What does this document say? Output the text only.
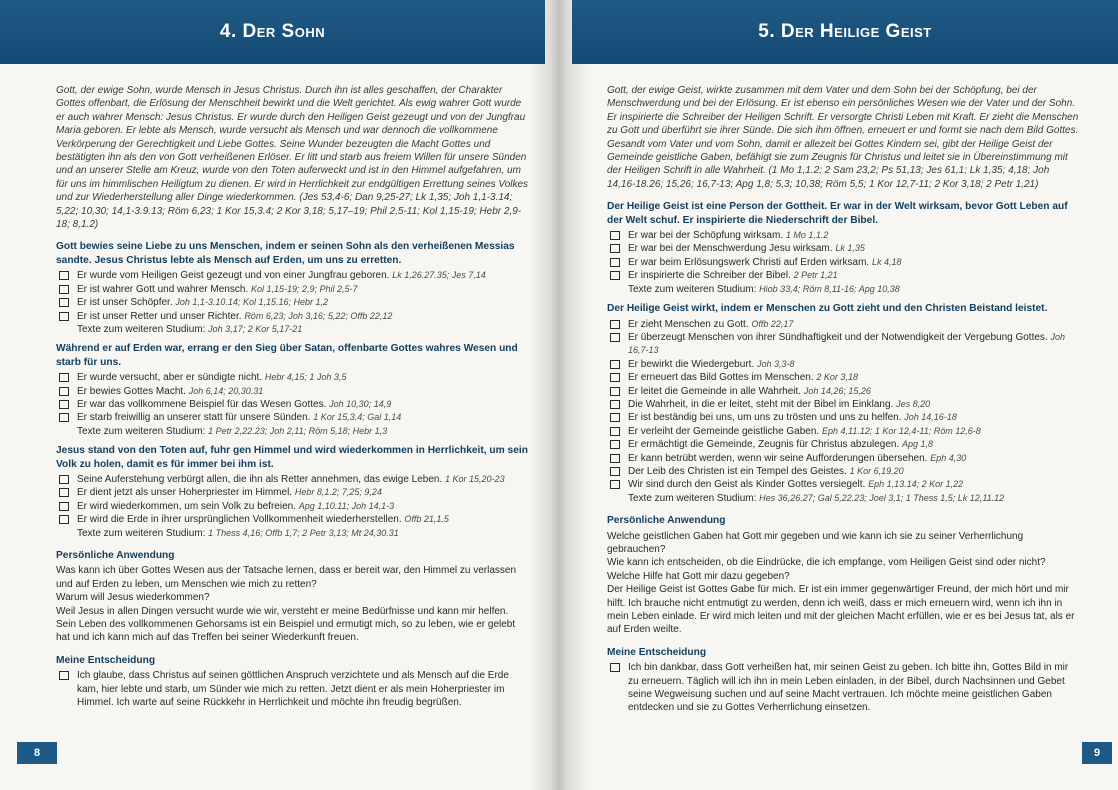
4. Der Sohn	5. Der Heilige Geist

Gott, der ewige Sohn, wurde Mensch in Jesus Christus. Durch ihn ist alles geschaffen, der Charakter Gottes offenbart, die Erlösung der Menschheit bewirkt und die Welt gerichtet. Als ewig wahrer Gott wurde er auch wahrer Mensch: Jesus Christus. Er wurde durch den Heiligen Geist gezeugt und von der Jungfrau Maria geboren. Er lebte als Mensch, wurde versucht als Mensch und war dennoch die vollkommene Verkörperung der Gerechtigkeit und Liebe Gottes. Seine Wunder bezeugten die Macht Gottes und bestätigten ihn als den von Gott verheißenen Erlöser. Er litt und starb aus freiem Willen für unsere Sünden und an unserer Stelle am Kreuz, wurde von den Toten auferweckt und ist in den Himmel aufgefahren, um für uns im himmlischen Heiligtum zu dienen. Er wird in Herrlichkeit zur endgültigen Errettung seines Volkes und zur Wiederherstellung aller Dinge wiederkommen. (Jes 53,4-6; Dan 9,25-27; Lk 1,35; Joh 1,1-3.14; 5,22; 10,30; 14,1-3.9.13; Röm 6,23; 1 Kor 15,3.4; 2 Kor 3,18; 5,17–19; Phil 2,5-11; Kol 1,15-19; Hebr 2,9-18; 8,1.2)

Gott bewies seine Liebe zu uns Menschen, indem er seinen Sohn als den verheißenen Messias sandte. Jesus Christus lebte als Mensch auf Erden, um uns zu erretten.

Er wurde vom Heiligen Geist gezeugt und von einer Jungfrau geboren. Lk 1,26.27.35; Jes 7,14
Er ist wahrer Gott und wahrer Mensch. Kol 1,15-19; 2,9; Phil 2,5-7
Er ist unser Schöpfer. Joh 1,1-3.10.14; Kol 1,15.16; Hebr 1,2
Er ist unser Retter und unser Richter. Röm 6,23; Joh 3,16; 5,22; Offb 22,12
Texte zum weiteren Studium: Joh 3,17; 2 Kor 5,17-21

Während er auf Erden war, errang er den Sieg über Satan, offenbarte Gottes wahres Wesen und starb für uns.

Er wurde versucht, aber er sündigte nicht. Hebr 4,15; 1 Joh 3,5
Er bewies Gottes Macht. Joh 6,14; 20,30.31
Er war das vollkommene Beispiel für das Wesen Gottes. Joh 10,30; 14,9
Er starb freiwillig an unserer statt für unsere Sünden. 1 Kor 15,3.4; Gal 1,14
Texte zum weiteren Studium: 1 Petr 2,22.23; Joh 2,11; Röm 5,18; Hebr 1,3

Jesus stand von den Toten auf, fuhr gen Himmel und wird wiederkommen in Herrlichkeit, um sein Volk zu holen, damit es für immer bei ihm ist.

Seine Auferstehung verbürgt allen, die ihn als Retter annehmen, das ewige Leben. 1 Kor 15,20-23
Er dient jetzt als unser Hoherpriester im Himmel. Hebr 8,1.2; 7,25; 9,24
Er wird wiederkommen, um sein Volk zu befreien. Apg 1,10.11; Joh 14,1-3
Er wird die Erde in ihrer ursprünglichen Vollkommenheit wiederherstellen. Offb 21,1.5
Texte zum weiteren Studium: 1 Thess 4,16; Offb 1,7; 2 Petr 3,13; Mt 24,30.31

Persönliche Anwendung

Was kann ich über Gottes Wesen aus der Tatsache lernen, dass er bereit war, den Himmel zu verlassen und auf Erden zu leben, um Menschen wie mich zu retten?

Warum will Jesus wiederkommen?

Weil Jesus in allen Dingen versucht wurde wie wir, versteht er meine Bedürfnisse und kann mir helfen. Sein Leben des vollkommenen Gehorsams ist ein Beispiel und ermutigt mich, so zu leben, wie er gelebt hat und ich kann mich auf das Treffen bei seiner Wiederkunft freuen.

Meine Entscheidung

Ich glaube, dass Christus auf seinen göttlichen Anspruch verzichtete und als Mensch auf die Erde kam, hier lebte und starb, um Sünder wie mich zu retten. Jetzt dient er als mein Hoherpriester im Himmel. Ich warte auf seine Rückkehr in Herrlichkeit und möchte ihn freudig begrüßen.

Gott, der ewige Geist, wirkte zusammen mit dem Vater und dem Sohn bei der Schöpfung, bei der Menschwerdung und bei der Erlösung. Er ist ebenso ein persönliches Wesen wie der Vater und der Sohn. Er inspirierte die Schreiber der Heiligen Schrift. Er versorgte Christi Leben mit Kraft. Er zieht die Menschen zu Gott und überführt sie ihrer Sünde. Die sich ihm öffnen, erneuert er und formt sie nach dem Bild Gottes. Gesandt vom Vater und vom Sohn, damit er allezeit bei Gottes Kindern sei, gibt der Heilige Geist der Gemeinde geistliche Gaben, befähigt sie zum Zeugnis für Christus und leitet sie in Übereinstimmung mit der Heiligen Schrift in alle Wahrheit. (1 Mo 1,1.2; 2 Sam 23,2; Ps 51,13; Jes 61,1; Lk 1,35; 4,18; Joh 14,16-18.26; 15,26; 16,7-13; Apg 1,8; 5,3; 10,38; Röm 5,5; 1 Kor 12,7-11; 2 Kor 3,18; 2 Petr 1,21)

Der Heilige Geist ist eine Person der Gottheit. Er war in der Welt wirksam, bevor Gott Leben auf der Welt schuf. Er inspirierte die Niederschrift der Bibel.

Er war bei der Schöpfung wirksam. 1 Mo 1,1.2
Er war bei der Menschwerdung Jesu wirksam. Lk 1,35
Er war beim Erlösungswerk Christi auf Erden wirksam. Lk 4,18
Er inspirierte die Schreiber der Bibel. 2 Petr 1,21
Texte zum weiteren Studium: Hiob 33,4; Röm 8,11-16; Apg 10,38

Der Heilige Geist wirkt, indem er Menschen zu Gott zieht und den Christen Beistand leistet.

Er zieht Menschen zu Gott. Offb 22,17
Er überzeugt Menschen von ihrer Sündhaftigkeit und der Notwendigkeit der Vergebung Gottes. Joh 16,7-13
Er bewirkt die Wiedergeburt. Joh 3,3-8
Er erneuert das Bild Gottes im Menschen. 2 Kor 3,18
Er leitet die Gemeinde in alle Wahrheit. Joh 14,26; 15,26
Die Wahrheit, in die er leitet, steht mit der Bibel im Einklang. Jes 8,20
Er ist beständig bei uns, um uns zu trösten und uns zu helfen. Joh 14,16-18
Er verleiht der Gemeinde geistliche Gaben. Eph 4,11.12; 1 Kor 12,4-11; Röm 12,6-8
Er ermächtigt die Gemeinde, Zeugnis für Christus abzulegen. Apg 1,8
Er kann betrübt werden, wenn wir seine Aufforderungen übersehen. Eph 4,30
Der Leib des Christen ist ein Tempel des Geistes. 1 Kor 6,19.20
Wir sind durch den Geist als Kinder Gottes versiegelt. Eph 1,13.14; 2 Kor 1,22
Texte zum weiteren Studium: Hes 36,26.27; Gal 5,22.23; Joel 3,1; 1 Thess 1,5; Lk 12,11.12

Persönliche Anwendung

Welche geistlichen Gaben hat Gott mir gegeben und wie kann ich sie zu seiner Verherrlichung gebrauchen?

Wie kann ich entscheiden, ob die Eindrücke, die ich empfange, vom Heiligen Geist sind oder nicht?

Welche Hilfe hat Gott mir dazu gegeben?

Der Heilige Geist ist Gottes Gabe für mich. Er ist ein immer gegenwärtiger Freund, der mich hört und mir hilft. Ich brauche nicht entmutigt zu werden, denn ich weiß, dass er mich erneuern wird, wenn ich ihn in mein Leben einlade. Er wird mich leiten und mit der gleichen Macht erfüllen, wie er es bei Jesus tat, als er auf Erden weilte.

Meine Entscheidung

Ich bin dankbar, dass Gott verheißen hat, mir seinen Geist zu geben. Ich bitte ihn, Gottes Bild in mir zu erneuern. Täglich will ich ihn in mein Leben einladen, in der Bibel, durch Nachsinnen und Gebet seine Wegweisung suchen und auf seine Macht vertrauen. Ich möchte meine geistlichen Gaben entdecken und sie zu Gottes Verherrlichung einsetzen.
8	9
